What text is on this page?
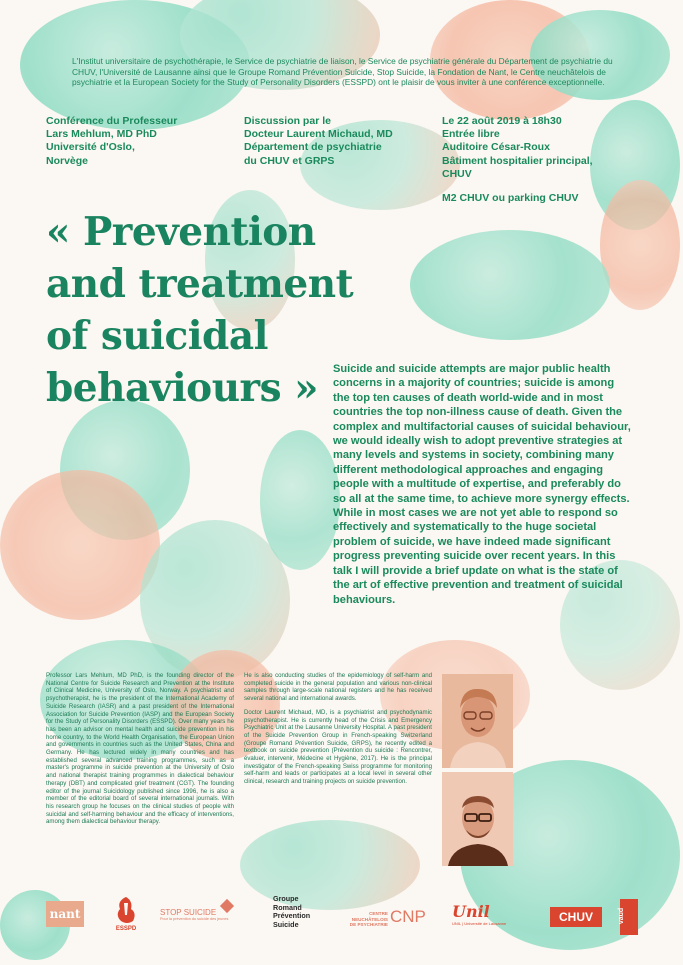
L'Institut universitaire de psychothérapie, le Service de psychiatrie de liaison, le Service de psychiatrie générale du Département de psychiatrie du CHUV, l'Université de Lausanne ainsi que le Groupe Romand Prévention Suicide, Stop Suicide, la Fondation de Nant, le Centre neuchâtelois de psychiatrie et la European Society for the Study of Personality Disorders (ESSPD) ont le plaisir de vous inviter à une conférence exceptionnelle.
Conférence du Professeur
Lars Mehlum, MD PhD
Université d'Oslo,
Norvège
Discussion par le
Docteur Laurent Michaud, MD
Département de psychiatrie
du CHUV et GRPS
Le 22 août 2019 à 18h30
Entrée libre
Auditoire César-Roux
Bâtiment hospitalier principal,
CHUV
M2 CHUV ou parking CHUV
« Prevention
and treatment
of suicidal
behaviours »	Suicide and suicide attempts are major public health concerns in a majority of countries; suicide is among the top ten causes of death world-wide and in most countries the top non-illness cause of death. Given the complex and multifactorial causes of suicidal behaviour, we would ideally wish to adopt preventive strategies at many levels and systems in society, combining many different methodological approaches and engaging people with a multitude of expertise, and preferably do so all at the same time, to achieve more synergy effects. While in most cases we are not yet able to respond so effectively and systematically to the huge societal problem of suicide, we have indeed made significant progress preventing suicide over recent years. In this talk I will provide a brief update on what is the state of the art of effective prevention and treatment of suicidal behaviours.

Professor Lars Mehlum, MD PhD, is the founding director of the National Centre for Suicide Research and Prevention at the Institute of Clinical Medicine, University of Oslo, Norway. A psychiatrist and psychotherapist, he is the president of the International Academy of Suicide Research (IASR) and a past president of the International Association for Suicide Prevention (IASP) and the European Society for the Study of Personality Disorders (ESSPD). Over many years he has been an advisor on mental health and suicide prevention in his home country, to the World Health Organisation, the European Union and governments in countries such as the United States, China and Germany. He has lectured widely in many countries and has established several advanced training programmes, such as a master's programme in suicide prevention at the University of Oslo and national therapist training programmes in dialectical behaviour therapy (DBT) and complicated grief treatment (CGT). The founding editor of the journal Suicidology published since 1996, he is also a member of the editorial board of several international journals. With his research group he focuses on the clinical studies of people with suicidal and self-harming behaviour and the efficacy of interventions, among them dialectical behaviour therapy.

He is also conducting studies of the epidemiology of self-harm and completed suicide in the general population and various non-clinical samples through large-scale national registers and he has received several national and international awards.

Doctor Laurent Michaud, MD, is a psychiatrist and psychodynamic psychotherapist. He is currently head of the Crisis and Emergency Psychiatric Unit at the Lausanne University Hospital. A past president of the Suicide Prevention Group in French-speaking Switzerland (Groupe Romand Prévention Suicide, GRPS), he recently edited a textbook on suicide prevention (Prévention du suicide : Rencontrer, évaluer, intervenir, Médecine et Hygiène, 2017). He is the principal investigator of the French-speaking Swiss programme for monitoring self-harm and leads or participates at a local level in several other clinical, research and training projects on suicide prevention.

nant
ESSPD
STOP SUICIDE
Pour la prévention du suicide des jeunes
Groupe
Romand
Prévention
Suicide
CENTRE
NEUCHÂTELOIS
DE PSYCHIATRIE CNP Unil
UNIL | Université de Lausanne	CHUV	vaud
